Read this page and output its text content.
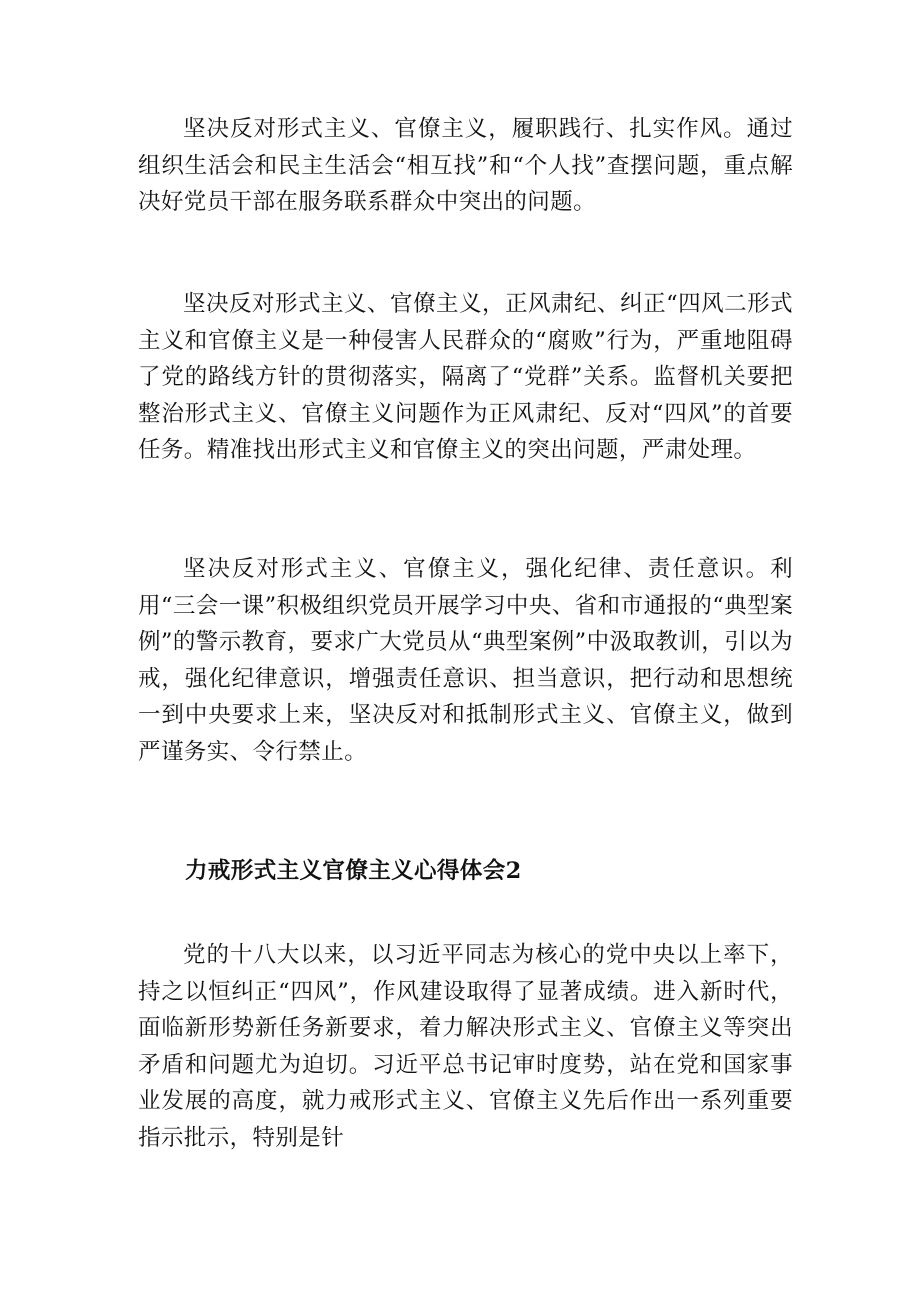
坚决反对形式主义、官僚主义，履职践行、扎实作风。通过组织生活会和民主生活会“相互找”和“个人找”查摆问题，重点解决好党员干部在服务联系群众中突出的问题。

坚决反对形式主义、官僚主义，正风肃纪、纠正“四风二形式主义和官僚主义是一种侵害人民群众的“腐败”行为，严重地阻碍了党的路线方针的贯彻落实，隔离了“党群”关系。监督机关要把整治形式主义、官僚主义问题作为正风肃纪、反对“四风”的首要任务。精准找出形式主义和官僚主义的突出问题，严肃处理。

坚决反对形式主义、官僚主义，强化纪律、责任意识。利用“三会一课”积极组织党员开展学习中央、省和市通报的“典型案例”的警示教育，要求广大党员从“典型案例”中汲取教训，引以为戒，强化纪律意识，增强责任意识、担当意识，把行动和思想统一到中央要求上来，坚决反对和抵制形式主义、官僚主义，做到严谨务实、令行禁止。

力戒形式主义官僚主义心得体会2

党的十八大以来，以习近平同志为核心的党中央以上率下，持之以恒纠正“四风”，作风建设取得了显著成绩。进入新时代，面临新形势新任务新要求，着力解决形式主义、官僚主义等突出矛盾和问题尤为迫切。习近平总书记审时度势，站在党和国家事业发展的高度，就力戒形式主义、官僚主义先后作出一系列重要指示批示，特别是针
